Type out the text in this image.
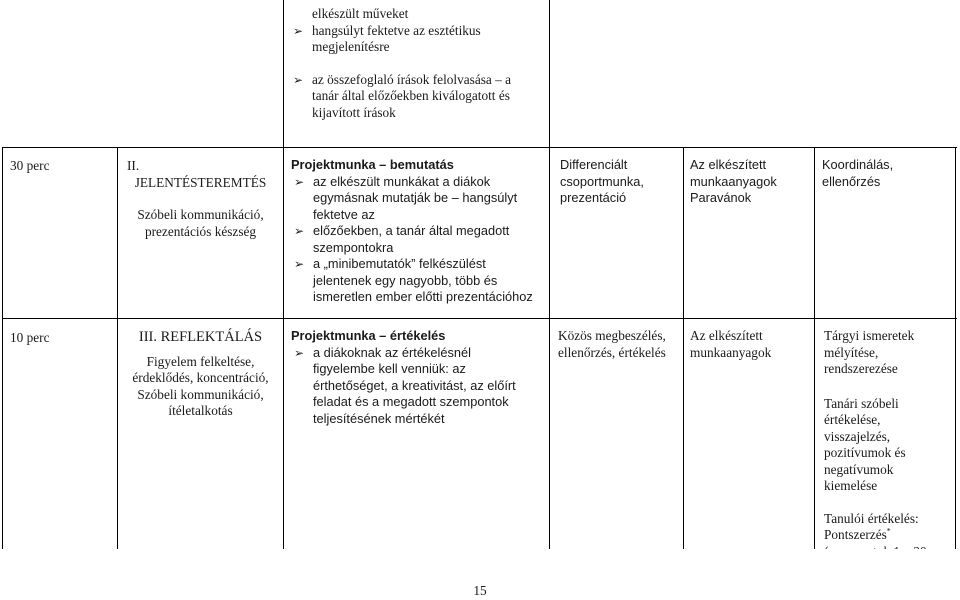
elkészült műveket
➢ hangsúlyt fektetve az esztétikus
megjelenítésre
➢ az összefoglaló írások felolvasása – a
tanár által előzőekben kiválogatott és
kijavított írások
30 perc	II.
JELENTÉSTEREMTÉS
Szóbeli kommunikáció,
prezentációs készség
Projektmunka – bemutatás
➢ az elkészült munkákat a diákok
egymásnak mutatják be – hangsúlyt
fektetve az
➢ előzőekben, a tanár által megadott
szempontokra
➢ a „minibemutatók” felkészülést
jelentenek egy nagyobb, több és
ismeretlen ember előtti prezentációhoz
Differenciált
csoportmunka,
prezentáció
Az elkészített
munkaanyagok
Paravánok
Koordinálás,
ellenőrzés
10 perc	III. REFLEKTÁLÁS
Figyelem felkeltése,
érdeklődés, koncentráció,
Szóbeli kommunikáció,
ítéletalkotás
Projektmunka – értékelés
➢ a diákoknak az értékelésnél
figyelembe kell venniük: az
érthetőséget, a kreativitást, az előírt
feladat és a megadott szempontok
teljesítésének mértékét
Közös megbeszélés,
ellenőrzés, értékelés
Az elkészített
munkaanyagok
Tárgyi ismeretek
mélyítése,
rendszerezése
Tanári szóbeli
értékelése,
visszajelzés,
pozitívumok és
negatívumok
kiemelése
Tanulói értékelés:
Pontszerzés*
15
